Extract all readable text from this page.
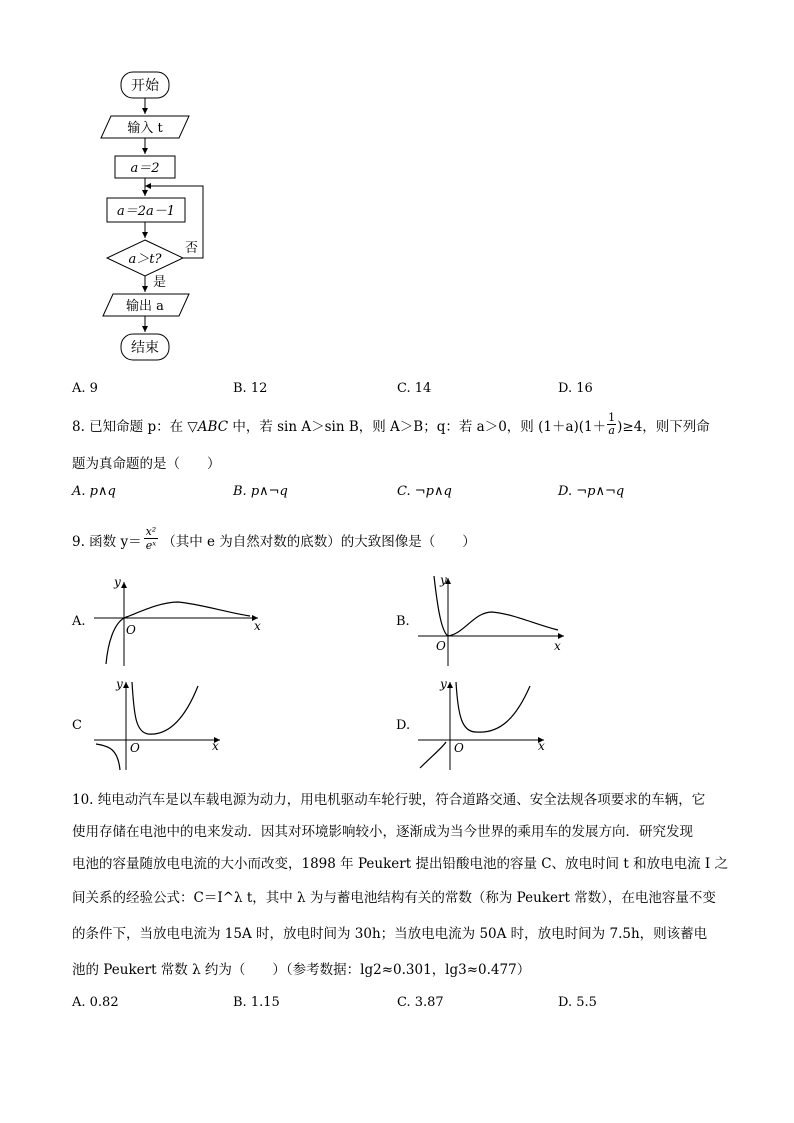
开始
输入 t
a＝2
a＝2a－1
a＞t?
否
是
输出 a
结束
A. 9	B. 12	C. 14	D. 16
8. 已知命题 p：在 ▽ABC 中，若 sin A＞sin B，则 A＞B；q：若 a＞0，则 $(1+a)(1+ \frac{1}{a} )\ge 4$，则下列命
题为真命题的是（　　）
A. p∧q	B. p∧¬q	C. ¬p∧q	D. ¬p∧¬q
9. 函数 $y= \frac{\text{x²}}{\text{eˣ}}$ （其中 e 为自然对数的底数）的大致图像是（　　）
A.	B.
C	D.
y
x
O
y
x
O
y
x
O
y
x
O
10. 纯电动汽车是以车载电源为动力，用电机驱动车轮行驶，符合道路交通、安全法规各项要求的车辆，它
使用存储在电池中的电来发动．因其对环境影响较小，逐渐成为当今世界的乘用车的发展方向．研究发现
电池的容量随放电电流的大小而改变，1898 年 Peukert 提出铅酸电池的容量 C、放电时间 t 和放电电流 I 之
间关系的经验公式：C＝I^λ t，其中 λ 为与蓄电池结构有关的常数（称为 Peukert 常数），在电池容量不变
的条件下，当放电电流为 15A 时，放电时间为 30h；当放电电流为 50A 时，放电时间为 7.5h，则该蓄电
池的 Peukert 常数 λ 约为（　　）（参考数据：lg2≈0.301，lg3≈0.477）
A. 0.82	B. 1.15	C. 3.87	D. 5.5
